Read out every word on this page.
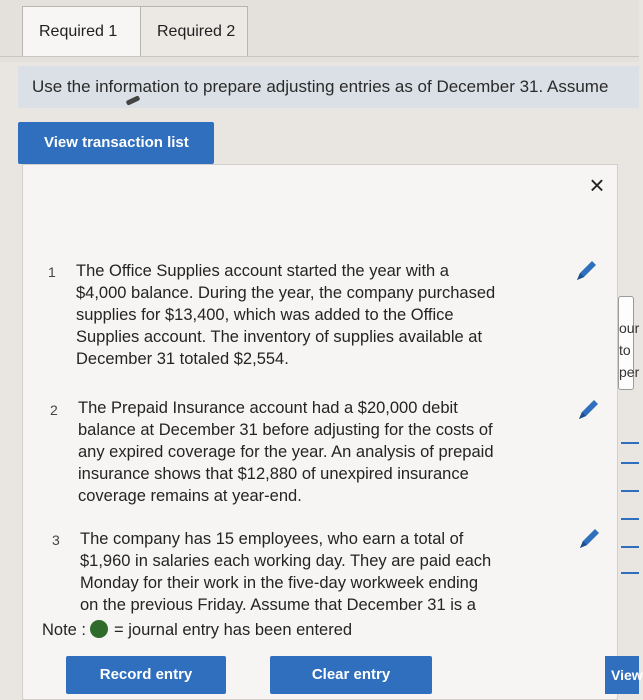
Required 1	Required 2
Use the information to prepare adjusting entries as of December 31. Assume
View transaction list
×
1 The Office Supplies account started the year with a
$4,000 balance. During the year, the company purchased
supplies for $13,400, which was added to the Office
Supplies account. The inventory of supplies available at
December 31 totaled $2,554.
2 The Prepaid Insurance account had a $20,000 debit
balance at December 31 before adjusting for the costs of
any expired coverage for the year. An analysis of prepaid
insurance shows that $12,880 of unexpired insurance
coverage remains at year-end.
3 The company has 15 employees, who earn a total of
$1,960 in salaries each working day. They are paid each
Monday for their work in the five-day workweek ending
on the previous Friday. Assume that December 31 is a
Note : = journal entry has been entered
Record entry	Clear entry	View
our
to
per
